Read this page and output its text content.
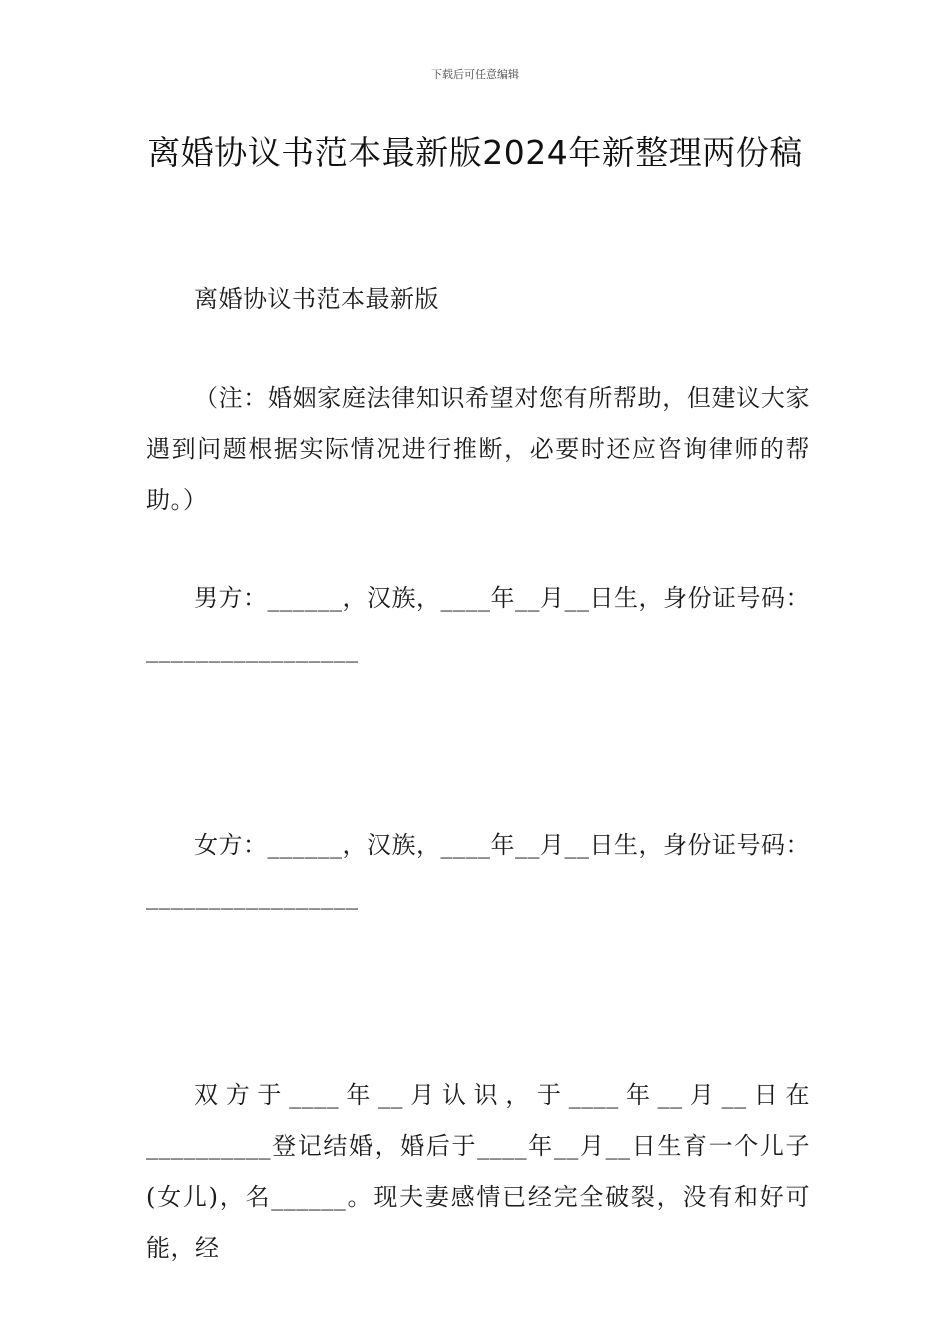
下载后可任意编辑
离婚协议书范本最新版2024年新整理两份稿
离婚协议书范本最新版
（注：婚姻家庭法律知识希望对您有所帮助，但建议大家遇到问题根据实际情况进行推断，必要时还应咨询律师的帮助。）
男方：______，汉族，____年__月__日生，身份证号码：_________________
女方：______，汉族，____年__月__日生，身份证号码：_________________
双方于____年__月认识，于____年__月__日在__________登记结婚，婚后于____年__月__日生育一个儿子(女儿)，名______。现夫妻感情已经完全破裂，没有和好可能，经
